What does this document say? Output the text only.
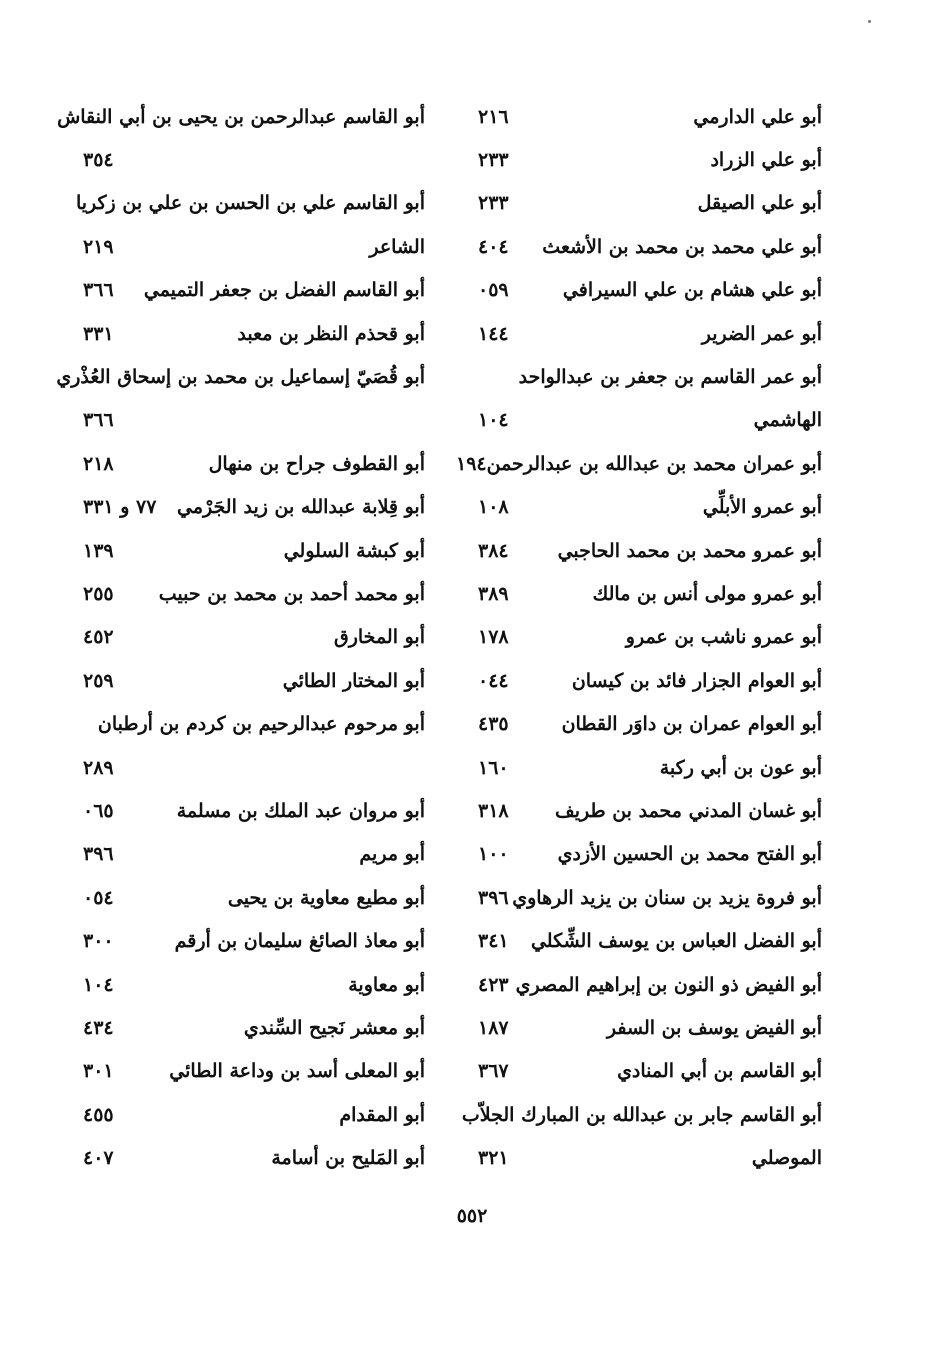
أبو علي الدارمي
٢١٦
أبو علي الزراد
٢٣٣
أبو علي الصيقل
٢٣٣
أبو علي محمد بن محمد بن الأشعث
٤٠٤
أبو علي هشام بن علي السيرافي
٠٥٩
أبو عمر الضرير
١٤٤
أبو عمر القاسم بن جعفر بن عبدالواحد
الهاشمي
١٠٤
أبو عمران محمد بن عبدالله بن عبدالرحمن
١٩٤
أبو عمرو الأبلِّي
١٠٨
أبو عمرو محمد بن محمد الحاجبي
٣٨٤
أبو عمرو مولى أنس بن مالك
٣٨٩
أبو عمرو ناشب بن عمرو
١٧٨
أبو العوام الجزار فائد بن كيسان
٠٤٤
أبو العوام عمران بن داوَر القطان
٤٣٥
أبو عون بن أبي ركبة
١٦٠
أبو غسان المدني محمد بن طريف
٣١٨
أبو الفتح محمد بن الحسين الأزدي
١٠٠
أبو فروة يزيد بن سنان بن يزيد الرهاوي
٣٩٦
أبو الفضل العباس بن يوسف الشِّكلي
٣٤١
أبو الفيض ذو النون بن إبراهيم المصري
٤٢٣
أبو الفيض يوسف بن السفر
١٨٧
أبو القاسم بن أبي المنادي
٣٦٧
أبو القاسم جابر بن عبدالله بن المبارك الجلاّب
الموصلي
٣٢١
أبو القاسم عبدالرحمن بن يحيى بن أبي النقاش
٣٥٤
أبو القاسم علي بن الحسن بن علي بن زكريا
الشاعر
٢١٩
أبو القاسم الفضل بن جعفر التميمي
٣٦٦
أبو قحذم النظر بن معبد
٣٣١
أبو قُصَيّ إسماعيل بن محمد بن إسحاق العُذْري
٣٦٦
أبو القطوف جراح بن منهال
٢١٨
أبو قِلابة عبدالله بن زيد الجَرْمي
٧٧ و ٣٣١
أبو كبشة السلولي
١٣٩
أبو محمد أحمد بن محمد بن حبيب
٢٥٥
أبو المخارق
٤٥٢
أبو المختار الطائي
٢٥٩
أبو مرحوم عبدالرحيم بن كردم بن أرطبان
٢٨٩
أبو مروان عبد الملك بن مسلمة
٠٦٥
أبو مريم
٣٩٦
أبو مطيع معاوية بن يحيى
٠٥٤
أبو معاذ الصائغ سليمان بن أرقم
٣٠٠
أبو معاوية
١٠٤
أبو معشر نَجيح السِّندي
٤٣٤
أبو المعلى أسد بن وداعة الطائي
٣٠١
أبو المقدام
٤٥٥
أبو المَليح بن أسامة
٤٠٧
٥٥٢
